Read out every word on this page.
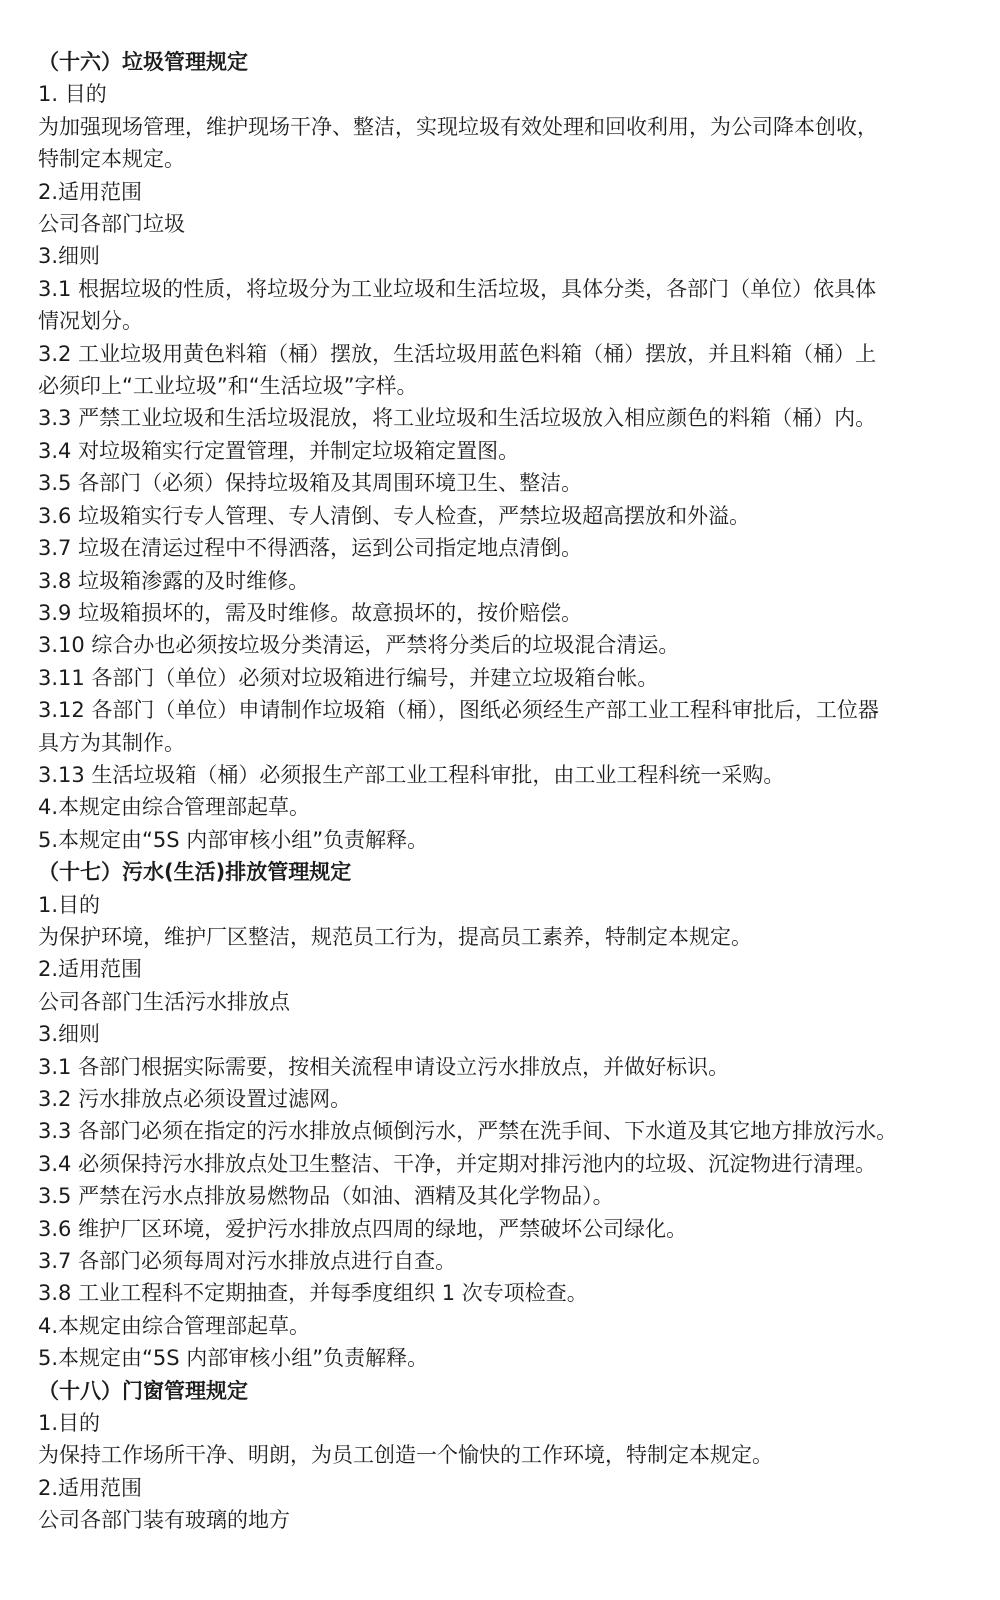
（十六）垃圾管理规定
1. 目的
为加强现场管理，维护现场干净、整洁，实现垃圾有效处理和回收利用，为公司降本创收，
特制定本规定。
2.适用范围
公司各部门垃圾
3.细则
3.1 根据垃圾的性质，将垃圾分为工业垃圾和生活垃圾，具体分类，各部门（单位）依具体
情况划分。
3.2 工业垃圾用黄色料箱（桶）摆放，生活垃圾用蓝色料箱（桶）摆放，并且料箱（桶）上
必须印上“工业垃圾”和“生活垃圾”字样。
3.3 严禁工业垃圾和生活垃圾混放，将工业垃圾和生活垃圾放入相应颜色的料箱（桶）内。
3.4 对垃圾箱实行定置管理，并制定垃圾箱定置图。
3.5 各部门（必须）保持垃圾箱及其周围环境卫生、整洁。
3.6 垃圾箱实行专人管理、专人清倒、专人检查，严禁垃圾超高摆放和外溢。
3.7 垃圾在清运过程中不得洒落，运到公司指定地点清倒。
3.8 垃圾箱渗露的及时维修。
3.9 垃圾箱损坏的，需及时维修。故意损坏的，按价赔偿。
3.10 综合办也必须按垃圾分类清运，严禁将分类后的垃圾混合清运。
3.11 各部门（单位）必须对垃圾箱进行编号，并建立垃圾箱台帐。
3.12 各部门（单位）申请制作垃圾箱（桶），图纸必须经生产部工业工程科审批后，工位器
具方为其制作。
3.13 生活垃圾箱（桶）必须报生产部工业工程科审批，由工业工程科统一采购。
4.本规定由综合管理部起草。
5.本规定由“5S 内部审核小组”负责解释。
（十七）污水(生活)排放管理规定
1.目的
为保护环境，维护厂区整洁，规范员工行为，提高员工素养，特制定本规定。
2.适用范围
公司各部门生活污水排放点
3.细则
3.1 各部门根据实际需要，按相关流程申请设立污水排放点，并做好标识。
3.2 污水排放点必须设置过滤网。
3.3 各部门必须在指定的污水排放点倾倒污水，严禁在洗手间、下水道及其它地方排放污水。
3.4 必须保持污水排放点处卫生整洁、干净，并定期对排污池内的垃圾、沉淀物进行清理。
3.5 严禁在污水点排放易燃物品（如油、酒精及其化学物品）。
3.6 维护厂区环境，爱护污水排放点四周的绿地，严禁破坏公司绿化。
3.7 各部门必须每周对污水排放点进行自查。
3.8 工业工程科不定期抽查，并每季度组织 1 次专项检查。
4.本规定由综合管理部起草。
5.本规定由“5S 内部审核小组”负责解释。
（十八）门窗管理规定
1.目的
为保持工作场所干净、明朗，为员工创造一个愉快的工作环境，特制定本规定。
2.适用范围
公司各部门装有玻璃的地方
